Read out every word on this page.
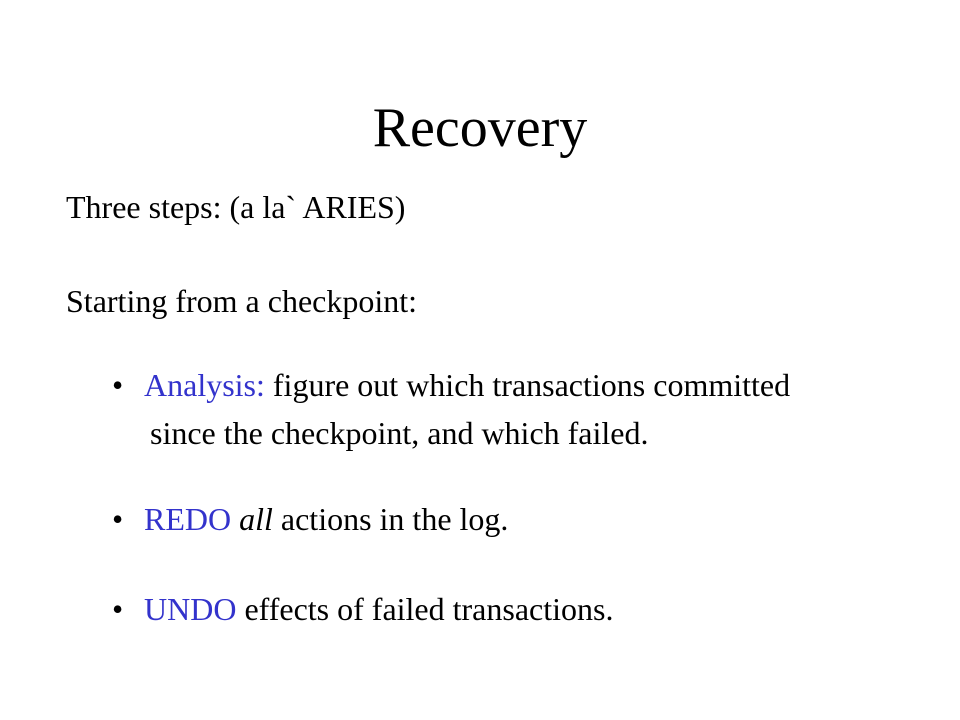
Recovery
Three steps: (a la` ARIES)
Starting from a checkpoint:
• Analysis: figure out which transactions committed
since the checkpoint, and which failed.
• REDO all actions in the log.
• UNDO effects of failed transactions.
